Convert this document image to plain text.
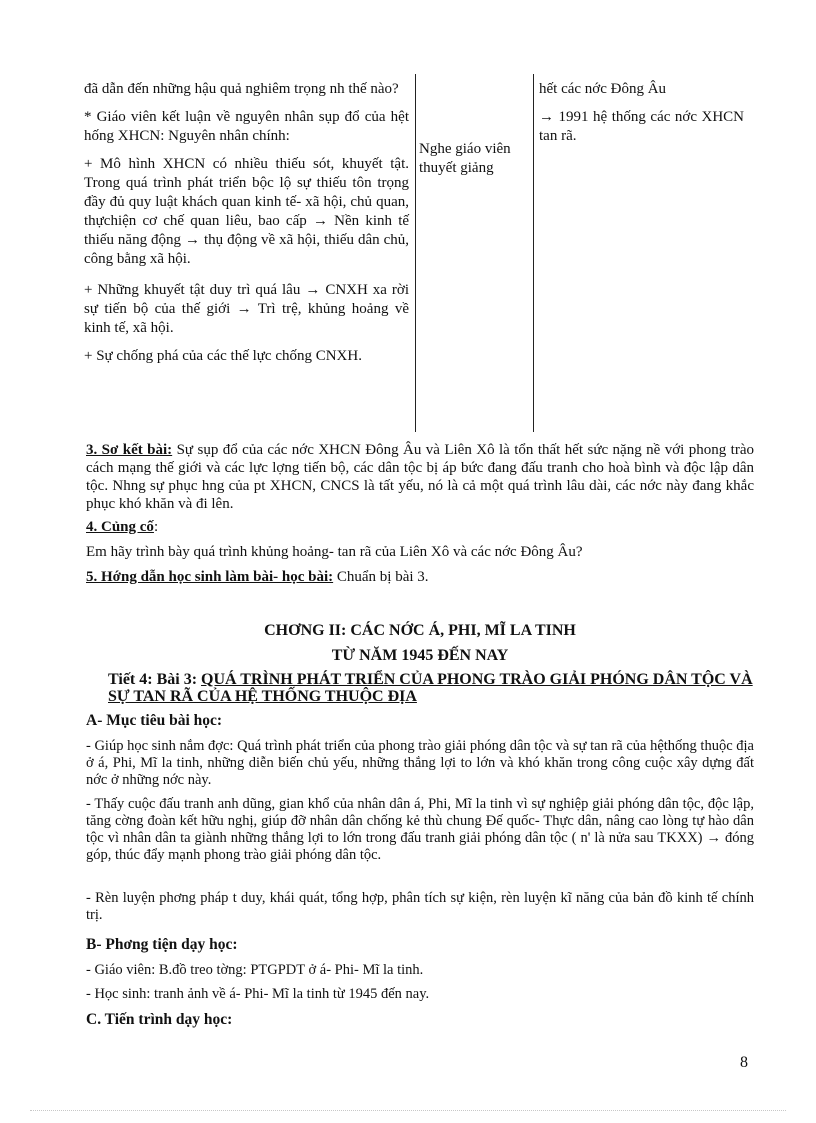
đã dẫn đến những hậu quả nghiêm trọng nh thế nào?

* Giáo viên kết luận về nguyên nhân sụp đổ của hệt hống XHCN: Nguyên nhân chính:

+ Mô hình XHCN có nhiều thiếu sót, khuyết tật. Trong quá trình phát triển bộc lộ sự thiếu tôn trọng đầy đủ quy luật khách quan kinh tế- xã hội, chủ quan, thựchiện cơ chế quan liêu, bao cấp → Nền kinh tế thiếu năng động → thụ động về xã hội, thiếu dân chủ, công bằng xã hội.

+ Những khuyết tật duy trì quá lâu → CNXH xa rời sự tiến bộ của thế giới → Trì trệ, khủng hoảng về kinh tế, xã hội.

+ Sự chống phá của các thế lực chống CNXH.

Nghe giáo viên thuyết giảng

hết các nớc Đông Âu

→ 1991 hệ thống các nớc XHCN tan rã.

3. Sơ kết bài: Sự sụp đổ của các nớc XHCN Đông Âu và Liên Xô là tổn thất hết sức nặng nề với phong trào cách mạng thế giới và các lực lợng tiến bộ, các dân tộc bị áp bức đang đấu tranh cho hoà bình và độc lập dân tộc. Nhng sự phục hng của pt XHCN, CNCS là tất yếu, nó là cả một quá trình lâu dài, các nớc này đang khắc phục khó khăn và đi lên.

4. Củng cố:
Em hãy trình bày quá trình khủng hoảng- tan rã của Liên Xô và các nớc Đông Âu?
5. Hớng dẫn học sinh làm bài- học bài: Chuẩn bị bài 3.
CHƠNG II: CÁC NỚC Á, PHI, MĨ LA TINH
TỪ NĂM 1945 ĐẾN NAY
Tiết 4: Bài 3: QUÁ TRÌNH PHÁT TRIỂN CỦA PHONG TRÀO GIẢI PHÓNG DÂN TỘC VÀ SỰ TAN RÃ CỦA HỆ THỐNG THUỘC ĐỊA
A- Mục tiêu bài học:
- Giúp học sinh nắm đợc: Quá trình phát triển của phong trào giải phóng dân tộc và sự tan rã của hệthống thuộc địa ở á, Phi, Mĩ la tinh, những diễn biến chủ yếu, những thắng lợi to lớn và khó khăn trong công cuộc xây dựng đất nớc ở những nớc này.
- Thấy cuộc đấu tranh anh dũng, gian khổ của nhân dân á, Phi, Mĩ la tinh vì sự nghiệp giải phóng dân tộc, độc lập, tăng cờng đoàn kết hữu nghị, giúp đỡ nhân dân chống kẻ thù chung Đế quốc- Thực dân, nâng cao lòng tự hào dân tộc vì nhân dân ta giành những thắng lợi to lớn trong đấu tranh giải phóng dân tộc ( n' là nửa sau TKXX) → đóng góp, thúc đẩy mạnh phong trào giải phóng dân tộc.
- Rèn luyện phơng pháp t duy, khái quát, tổng hợp, phân tích sự kiện, rèn luyện kĩ năng của bản đồ kinh tế chính trị.
B- Phơng tiện dạy học:
- Giáo viên: B.đồ treo tờng: PTGPDT ở á- Phi- Mĩ la tinh.
- Học sinh: tranh ảnh về á- Phi- Mĩ la tinh từ 1945 đến nay.
C. Tiến trình dạy học:
8
